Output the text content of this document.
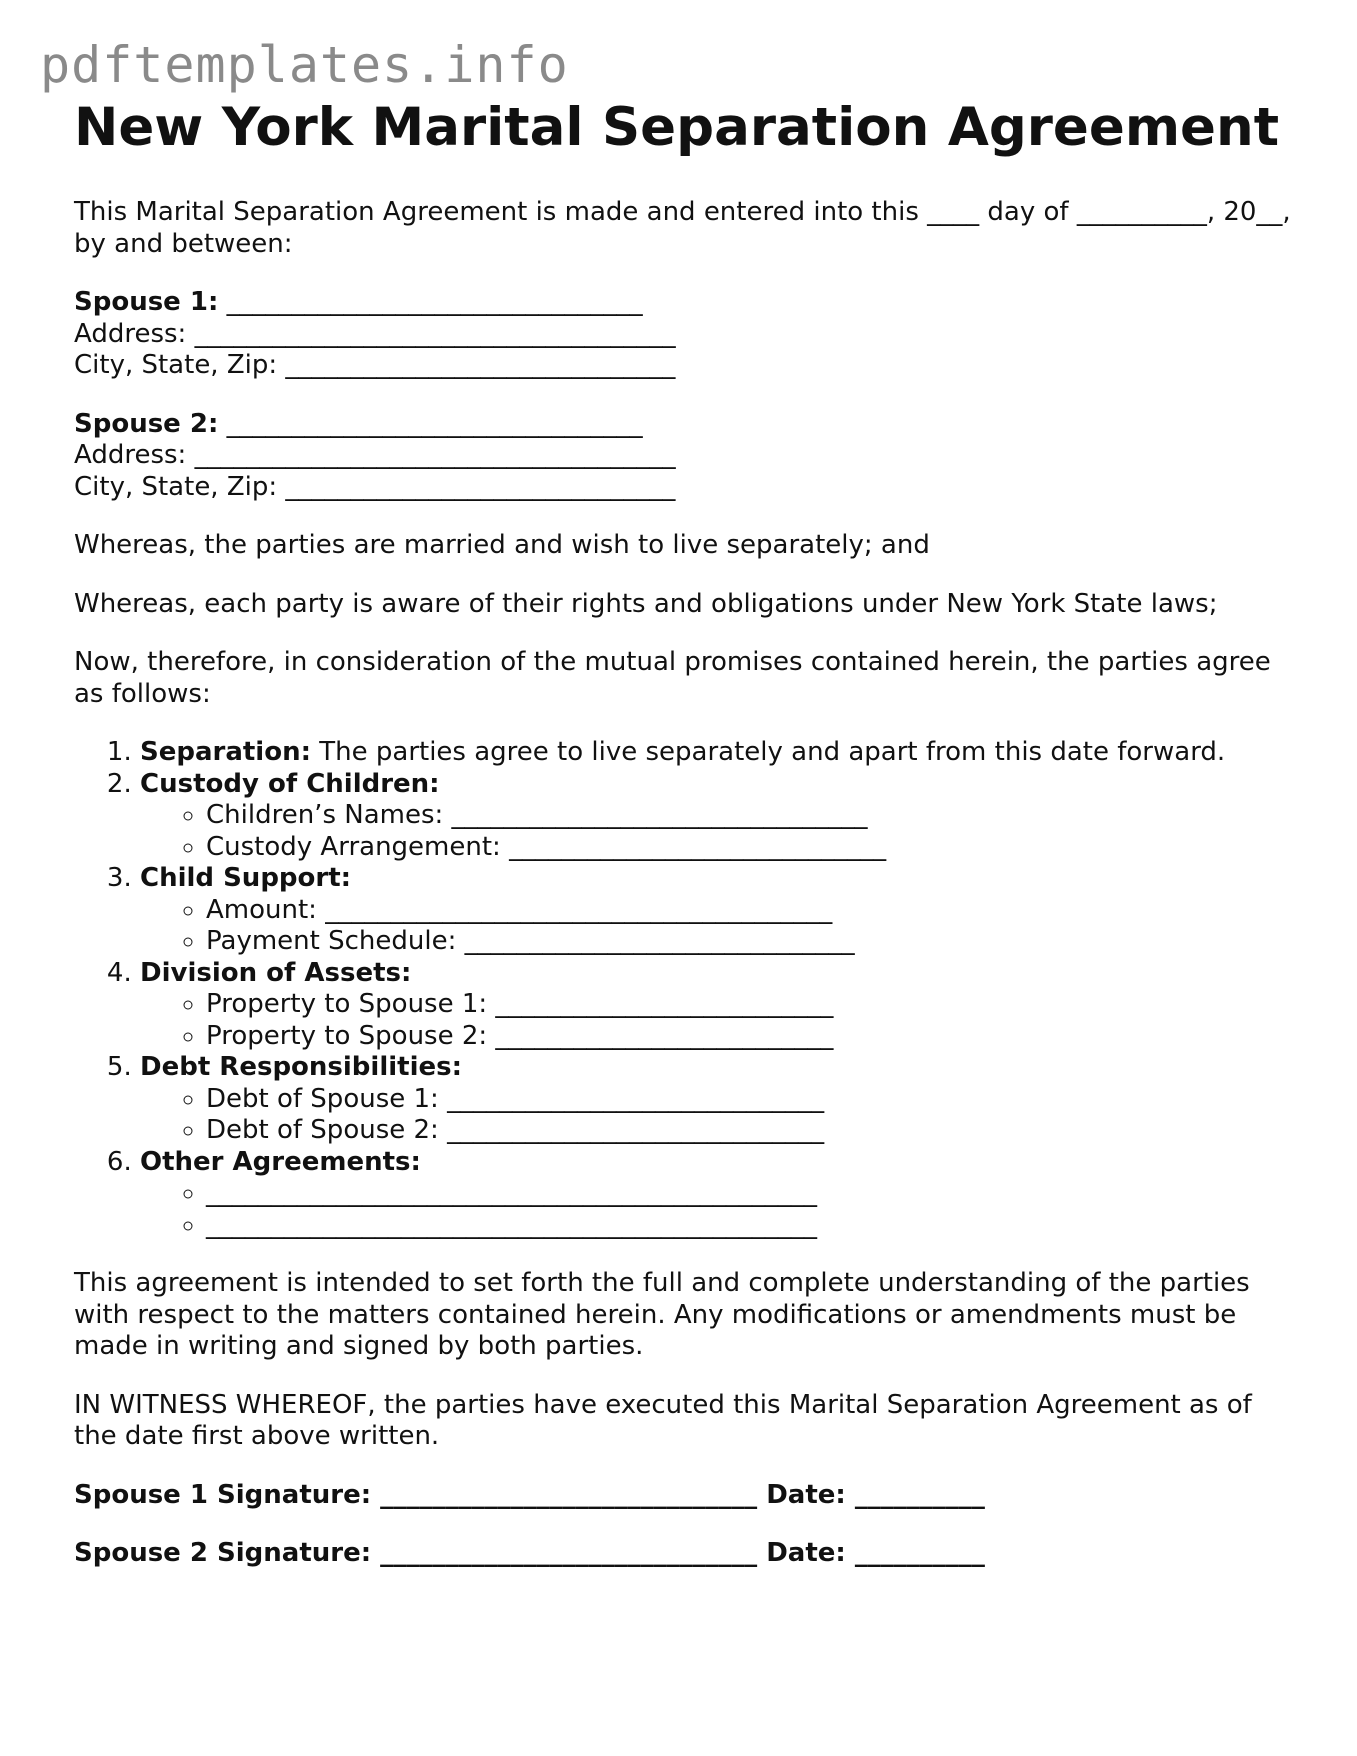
pdftemplates.info

New York Marital Separation Agreement

This Marital Separation Agreement is made and entered into this ____ day of __________, 20__, by and between:

Spouse 1: ________________________________
Address: _____________________________________
City, State, Zip: ______________________________
Spouse 2: ________________________________
Address: _____________________________________
City, State, Zip: ______________________________

Whereas, the parties are married and wish to live separately; and

Whereas, each party is aware of their rights and obligations under New York State laws;

Now, therefore, in consideration of the mutual promises contained herein, the parties agree as follows:

1. Separation: The parties agree to live separately and apart from this date forward.
2. Custody of Children:
◦ Children’s Names: ________________________________
◦ Custody Arrangement: _____________________________
3. Child Support:
◦ Amount: _______________________________________
◦ Payment Schedule: ______________________________
4. Division of Assets:
◦ Property to Spouse 1: __________________________
◦ Property to Spouse 2: __________________________
5. Debt Responsibilities:
◦ Debt of Spouse 1: _____________________________
◦ Debt of Spouse 2: _____________________________
6. Other Agreements:
◦ _______________________________________________
◦ _______________________________________________

This agreement is intended to set forth the full and complete understanding of the parties with respect to the matters contained herein. Any modifications or amendments must be made in writing and signed by both parties.

IN WITNESS WHEREOF, the parties have executed this Marital Separation Agreement as of the date first above written.

Spouse 1 Signature: _____________________________ Date: __________
Spouse 2 Signature: _____________________________ Date: __________
